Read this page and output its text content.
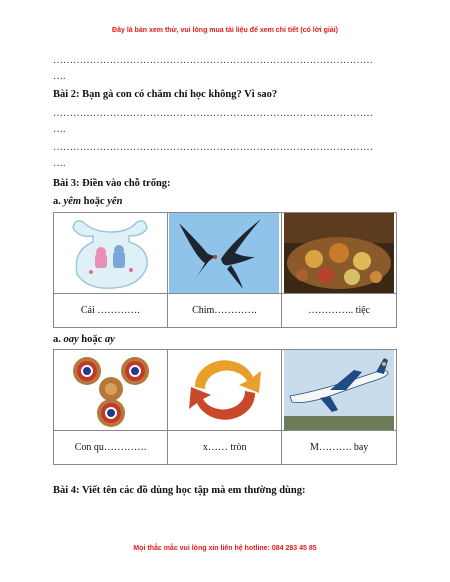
Đây là bản xem thử, vui lòng mua tài liệu để xem chi tiết (có lời giải)
……………………………………………………………………………………
….
Bài 2: Bạn gà con có chăm chỉ học không? Vì sao?
……………………………………………………………………………………
….
……………………………………………………………………………………
….
Bài 3: Điền vào chỗ trống:
a. yêm hoặc yên

Cái ………….	Chim………….	………….. tiệc
a. oay hoặc ay

Con qu………….	x…… tròn	M………. bay
Bài 4: Viết tên các đồ dùng học tập mà em thường dùng:
Mọi thắc mắc vui lòng xin liên hệ hotline: 084 283 45 85
